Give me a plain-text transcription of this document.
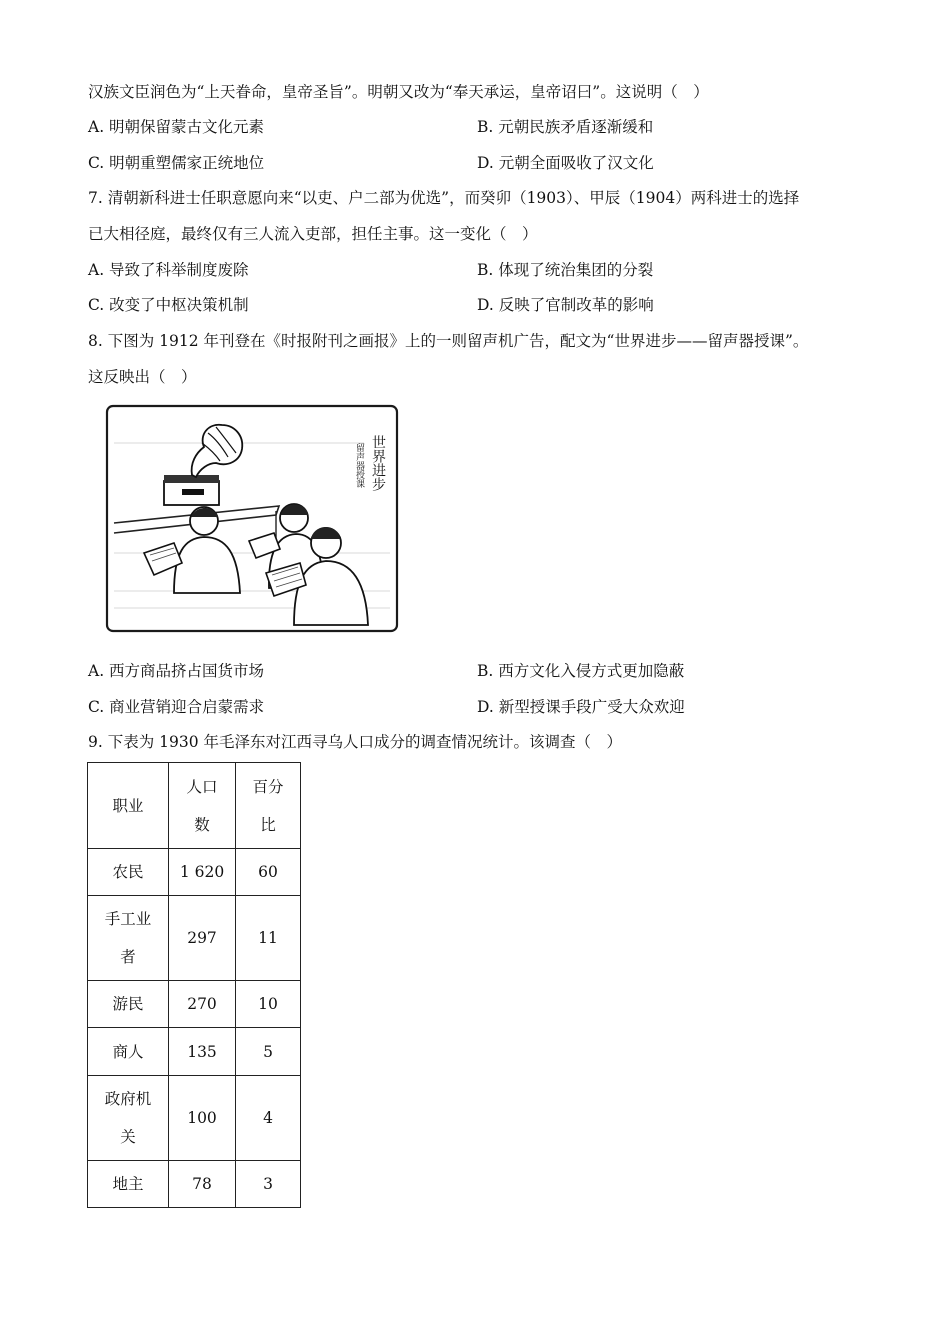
汉族文臣润色为“上天眷命，皇帝圣旨”。明朝又改为“奉天承运，皇帝诏曰”。这说明（　）
A. 明朝保留蒙古文化元素	B. 元朝民族矛盾逐渐缓和
C. 明朝重塑儒家正统地位	D. 元朝全面吸收了汉文化
7. 清朝新科进士任职意愿向来“以吏、户二部为优选”，而癸卯（1903）、甲辰（1904）两科进士的选择
已大相径庭，最终仅有三人流入吏部，担任主事。这一变化（　）
A. 导致了科举制度废除	B. 体现了统治集团的分裂
C. 改变了中枢决策机制	D. 反映了官制改革的影响
8. 下图为 1912 年刊登在《时报附刊之画报》上的一则留声机广告，配文为“世界进步——留声器授课”。
这反映出（　）
世界进步
留声器授课
A. 西方商品挤占国货市场	B. 西方文化入侵方式更加隐蔽
C. 商业营销迎合启蒙需求	D. 新型授课手段广受大众欢迎
9. 下表为 1930 年毛泽东对江西寻乌人口成分的调查情况统计。该调查（　）
职业	人口数	百分比

农民	1 620	60

手工业者	297	11
游民	270	10
商人	135	5

政府机关	100	4
地主	78	3
